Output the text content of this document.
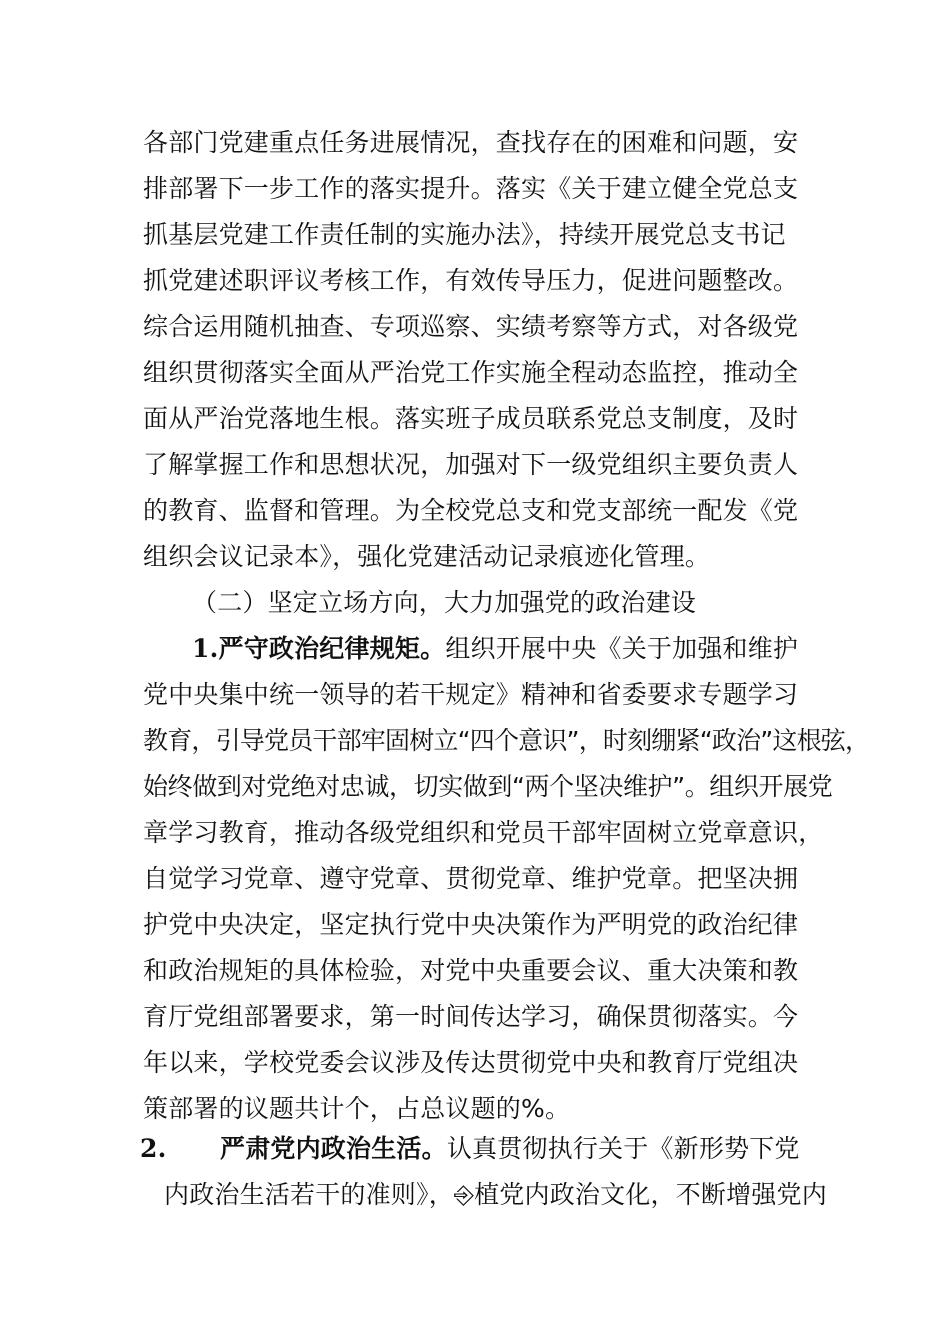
各部门党建重点任务进展情况，查找存在的困难和问题，安
排部署下一步工作的落实提升。落实《关于建立健全党总支
抓基层党建工作责任制的实施办法》，持续开展党总支书记
抓党建述职评议考核工作，有效传导压力，促进问题整改。
综合运用随机抽查、专项巡察、实绩考察等方式，对各级党
组织贯彻落实全面从严治党工作实施全程动态监控，推动全
面从严治党落地生根。落实班子成员联系党总支制度，及时
了解掌握工作和思想状况，加强对下一级党组织主要负责人
的教育、监督和管理。为全校党总支和党支部统一配发《党
组织会议记录本》，强化党建活动记录痕迹化管理。
（二）坚定立场方向，大力加强党的政治建设
1.严守政治纪律规矩。组织开展中央《关于加强和维护
党中央集中统一领导的若干规定》精神和省委要求专题学习
教育，引导党员干部牢固树立“四个意识”，时刻绷紧“政治”这根弦，
始终做到对党绝对忠诚，切实做到“两个坚决维护”。组织开展党
章学习教育，推动各级党组织和党员干部牢固树立党章意识，
自觉学习党章、遵守党章、贯彻党章、维护党章。把坚决拥
护党中央决定，坚定执行党中央决策作为严明党的政治纪律
和政治规矩的具体检验，对党中央重要会议、重大决策和教
育厅党组部署要求，第一时间传达学习，确保贯彻落实。今
年以来，学校党委会议涉及传达贯彻党中央和教育厅党组决
策部署的议题共计个，占总议题的%。
2. 严肃党内政治生活。认真贯彻执行关于《新形势下党
内政治生活若干的准则》，⎆植党内政治文化，不断增强党内
